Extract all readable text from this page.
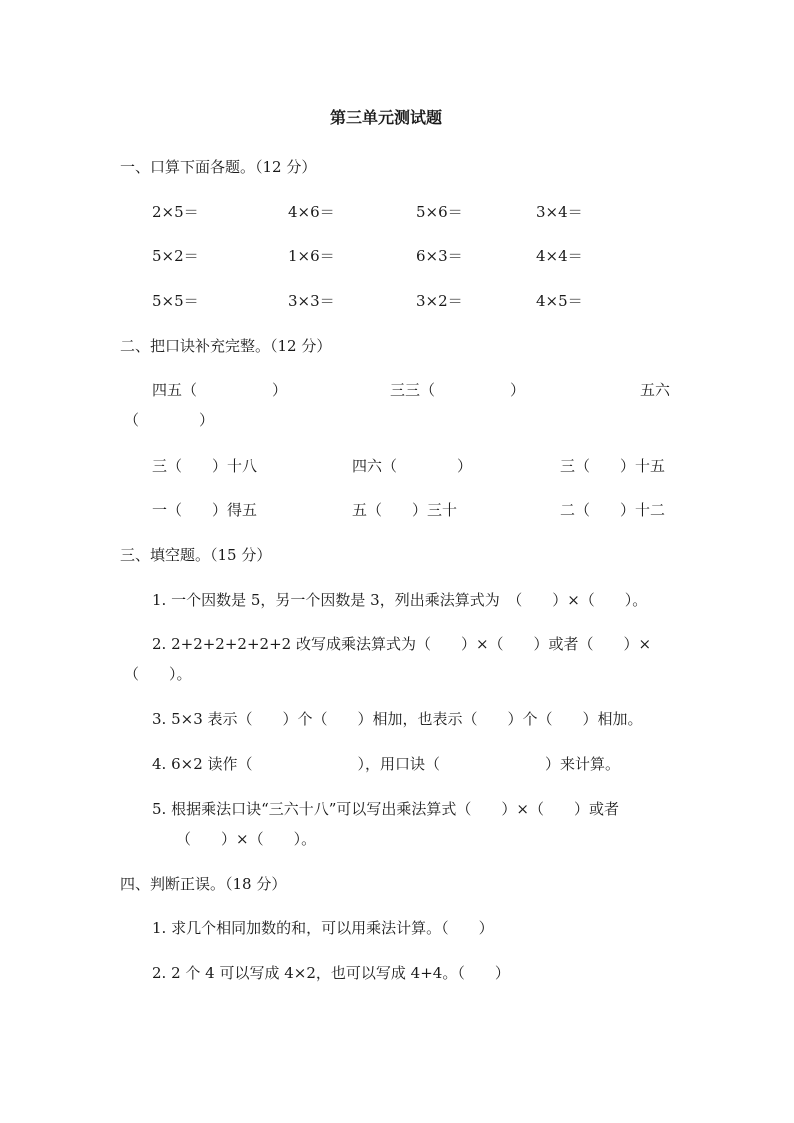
第三单元测试题
一、口算下面各题。（12 分）
2×5＝	4×6＝	5×6＝	3×4＝
5×2＝	1×6＝	6×3＝	4×4＝
5×5＝	3×3＝	3×2＝	4×5＝
二、把口诀补充完整。（12 分）
四五（　　　　　）	三三（　　　　　）	五六
（　　　　）
三（　　）十八	四六（　　　　）	三（　　）十五
一（　　）得五	五（　　）三十	二（　　）十二
三、填空题。（15 分）
1. 一个因数是 5，另一个因数是 3，列出乘法算式为　（　　）×（　　）。
2. 2+2+2+2+2+2 改写成乘法算式为（　　）×（　　）或者（　　）×
（　　）。
3. 5×3 表示（　　）个（　　）相加，也表示（　　）个（　　）相加。
4. 6×2 读作（　　　　　　　），用口诀（　　　　　　　）来计算。
5. 根据乘法口诀“三六十八”可以写出乘法算式（　　）×（　　）或者
（　　）×（　　）。
四、判断正误。（18 分）
1. 求几个相同加数的和，可以用乘法计算。（　　）
2. 2 个 4 可以写成 4×2，也可以写成 4+4。（　　）
